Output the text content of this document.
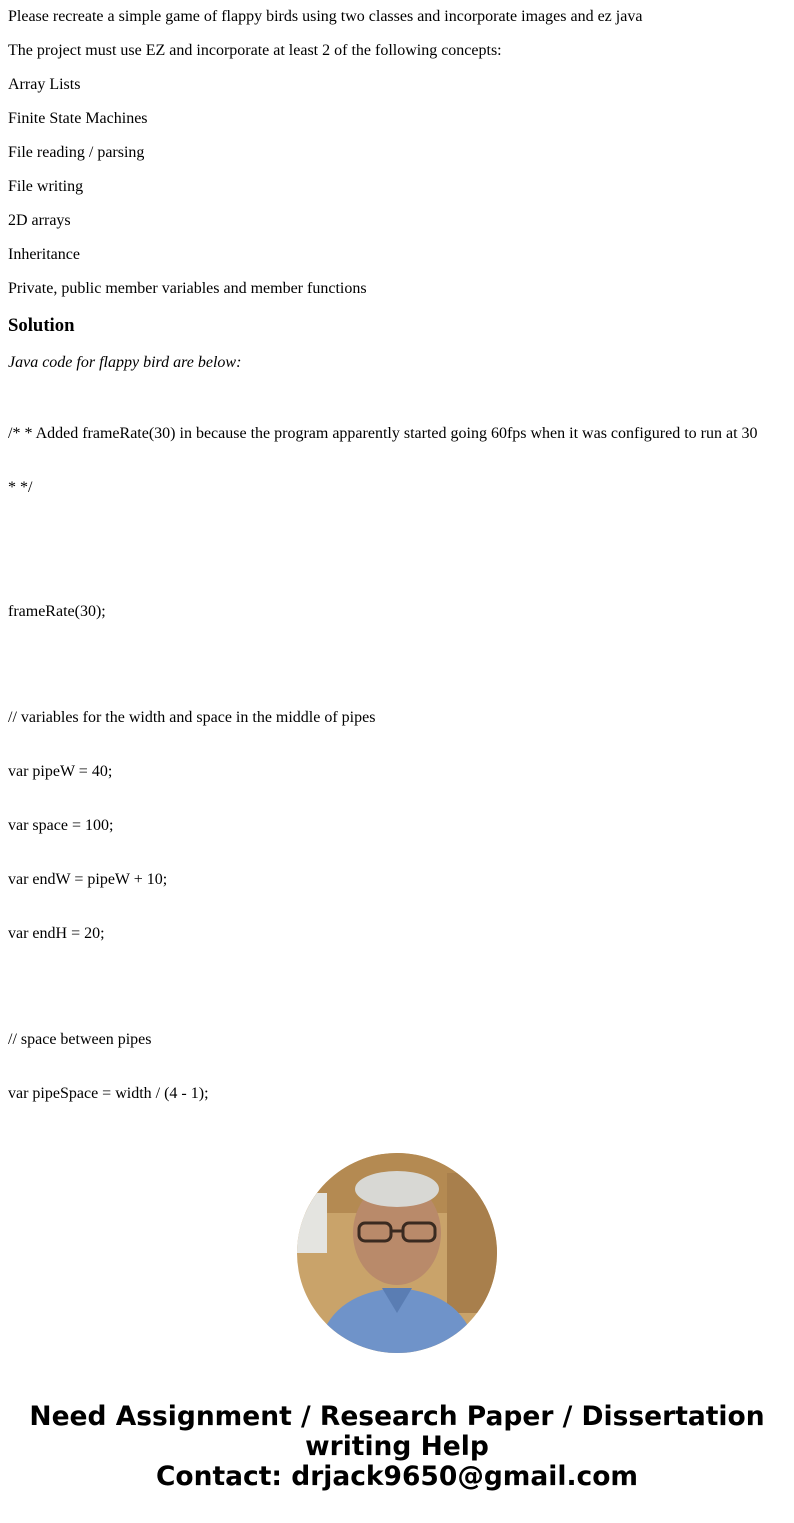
Please recreate a simple game of flappy birds using two classes and incorporate images and ez java

The project must use EZ and incorporate at least 2 of the following concepts:

Array Lists

Finite State Machines

File reading / parsing

File writing

2D arrays

Inheritance

Private, public member variables and member functions

Solution

Java code for flappy bird are below:

/* * Added frameRate(30) in because the program apparently started going 60fps when it was configured to run at 30

* */

frameRate(30);

// variables for the width and space in the middle of pipes

var pipeW = 40;

var space = 100;

var endW = pipeW + 10;

var endH = 20;

// space between pipes

var pipeSpace = width / (4 - 1);

Need Assignment / Research Paper / Dissertation
writing Help
Contact: drjack9650@gmail.com
